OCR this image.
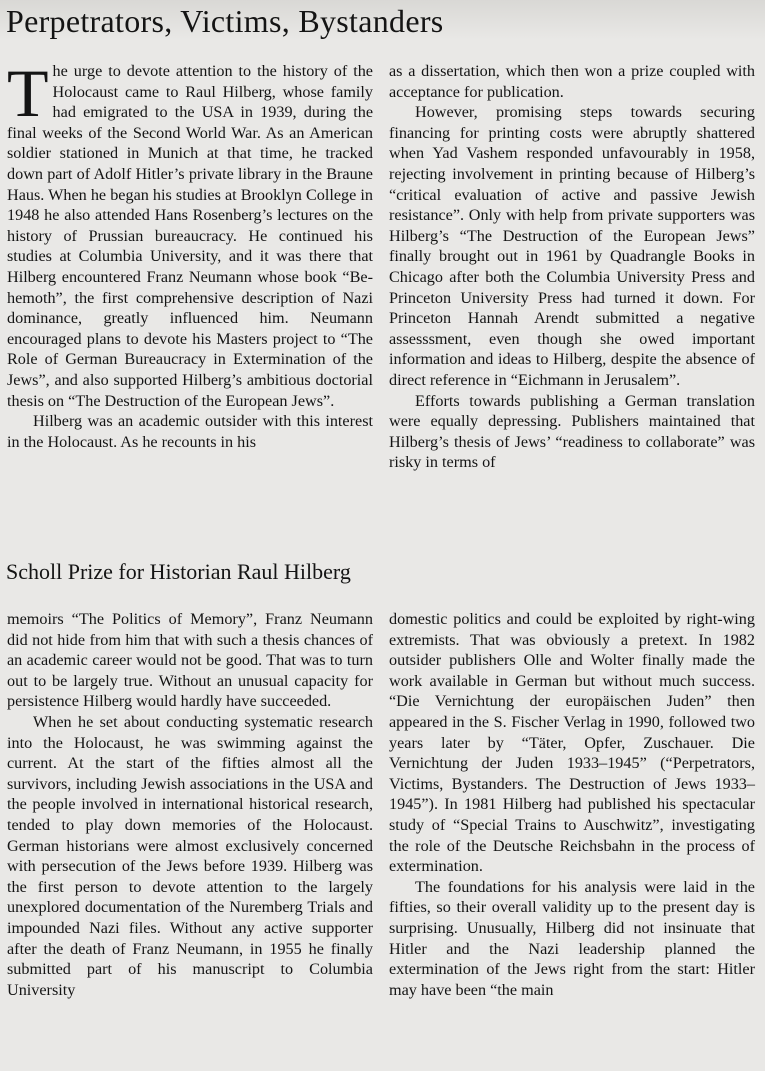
Perpetrators, Victims, Bystanders

The urge to devote attention to the history of the Holocaust came to Raul Hilberg, whose family had emigrated to the USA in 1939, during the final weeks of the Second World War. As an American soldier stationed in Munich at that time, he tracked down part of Adolf Hitler’s private library in the Braune Haus. When he began his studies at Brooklyn College in 1948 he also attended Hans Rosenberg’s lectures on the history of Prussian bureaucracy. He continued his studies at Columbia University, and it was there that Hilberg encountered Franz Neumann whose book “Behemoth”, the first comprehensive description of Nazi dominance, greatly influenced him. Neumann encouraged plans to devote his Masters project to “The Role of German Bureaucracy in Extermination of the Jews”, and also supported Hilberg’s ambitious doctorial thesis on “The Destruction of the European Jews”.

Hilberg was an academic outsider with this interest in the Holocaust. As he recounts in his

as a dissertation, which then won a prize coupled with acceptance for publication.

However, promising steps towards securing financing for printing costs were abruptly shattered when Yad Vashem responded unfavourably in 1958, rejecting involvement in printing because of Hilberg’s “critical evaluation of active and passive Jewish resistance”. Only with help from private supporters was Hilberg’s “The Destruction of the European Jews” finally brought out in 1961 by Quadrangle Books in Chicago after both the Columbia University Press and Princeton University Press had turned it down. For Princeton Hannah Arendt submitted a negative assesssment, even though she owed important information and ideas to Hilberg, despite the absence of direct reference in “Eichmann in Jerusalem”.

Efforts towards publishing a German translation were equally depressing. Publishers maintained that Hilberg’s thesis of Jews’ “readiness to collaborate” was risky in terms of

Scholl Prize for Historian Raul Hilberg

memoirs “The Politics of Memory”, Franz Neumann did not hide from him that with such a thesis chances of an academic career would not be good. That was to turn out to be largely true. Without an unusual capacity for persistence Hilberg would hardly have succeeded.

When he set about conducting systematic research into the Holocaust, he was swimming against the current. At the start of the fifties almost all the survivors, including Jewish associations in the USA and the people involved in international historical research, tended to play down memories of the Holocaust. German historians were almost exclusively concerned with persecution of the Jews before 1939. Hilberg was the first person to devote attention to the largely unexplored documentation of the Nuremberg Trials and impounded Nazi files. Without any active supporter after the death of Franz Neumann, in 1955 he finally submitted part of his manuscript to Columbia University

domestic politics and could be exploited by right-wing extremists. That was obviously a pretext. In 1982 outsider publishers Olle and Wolter finally made the work available in German but without much success. “Die Vernichtung der europäischen Juden” then appeared in the S. Fischer Verlag in 1990, followed two years later by “Täter, Opfer, Zuschauer. Die Vernichtung der Juden 1933–1945” (“Perpetrators, Victims, Bystanders. The Destruction of Jews 1933–1945”). In 1981 Hilberg had published his spectacular study of “Special Trains to Auschwitz”, investigating the role of the Deutsche Reichsbahn in the process of extermination.

The foundations for his analysis were laid in the fifties, so their overall validity up to the present day is surprising. Unusually, Hilberg did not insinuate that Hitler and the Nazi leadership planned the extermination of the Jews right from the start: Hitler may have been “the main
